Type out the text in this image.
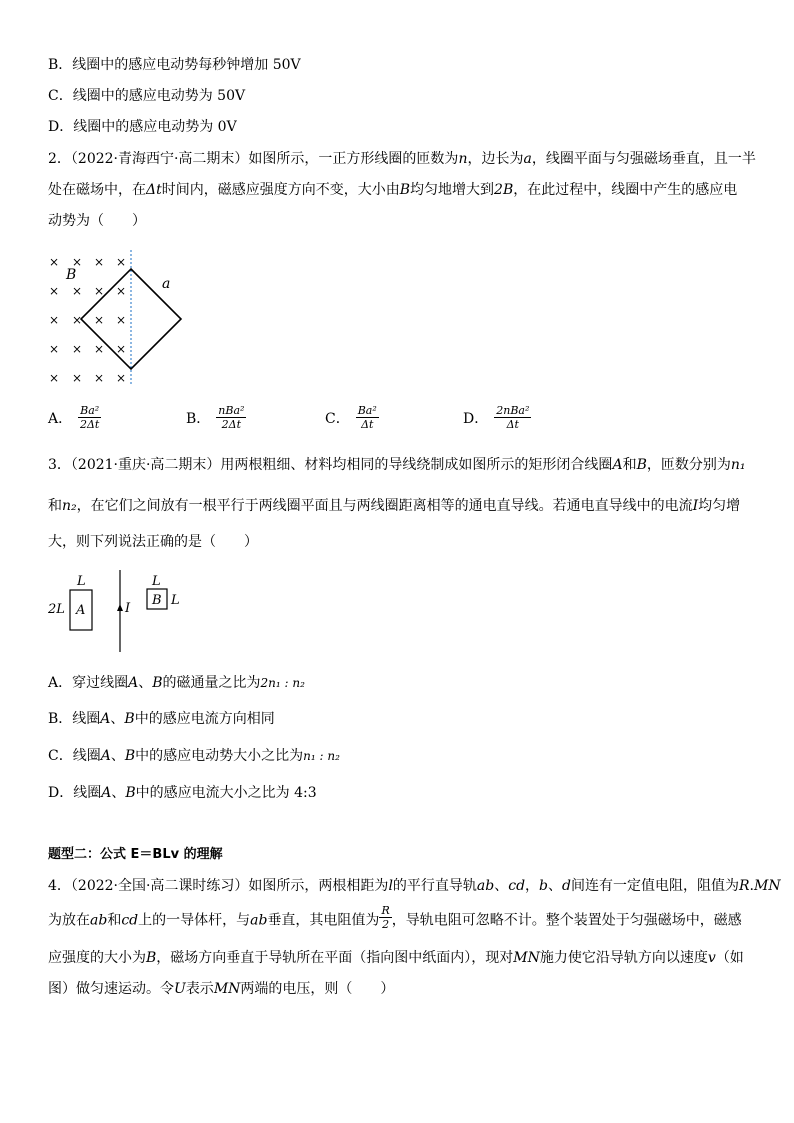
B．线圈中的感应电动势每秒钟增加 50V
C．线圈中的感应电动势为 50V
D．线圈中的感应电动势为 0V
2．（2022·青海西宁·高二期末）如图所示，一正方形线圈的匝数为n，边长为a，线圈平面与匀强磁场垂直，且一半
处在磁场中，在Δt时间内，磁感应强度方向不变，大小由B均匀地增大到2B，在此过程中，线圈中产生的感应电
动势为（　　）
× × ×
× × × ×
× × × ×
× × × ×
× × × ×
×
B
a
A． $\frac{\text{Ba²}}{2\Delta t}$	B． $\frac{\text{nBa²}}{2\Delta t}$	C． $\frac{\text{Ba²}}{\Delta t}$	D． $\frac{\text{2nBa²}}{\Delta t}$
3．（2021·重庆·高二期末）用两根粗细、材料均相同的导线绕制成如图所示的矩形闭合线圈A和B，匝数分别为n₁
和n₂，在它们之间放有一根平行于两线圈平面且与两线圈距离相等的通电直导线。若通电直导线中的电流I均匀增
大，则下列说法正确的是（　　）
L
2L A	I
L
B L
A．穿过线圈A、B的磁通量之比为2n₁ : n₂
B．线圈A、B中的感应电流方向相同
C．线圈A、B中的感应电动势大小之比为n₁ : n₂
D．线圈A、B中的感应电流大小之比为 4:3
题型二：公式 E＝BLv 的理解
4．（2022·全国·高二课时练习）如图所示，两根相距为l的平行直导轨ab、cd，b、d间连有一定值电阻，阻值为R.MN
为放在ab和cd上的一导体杆，与ab垂直，其电阻值为 $\frac{R}{2}$ ，导轨电阻可忽略不计。整个装置处于匀强磁场中，磁感
应强度的大小为B，磁场方向垂直于导轨所在平面（指向图中纸面内），现对MN施力使它沿导轨方向以速度v（如
图）做匀速运动。令U表示MN两端的电压，则（　　）
